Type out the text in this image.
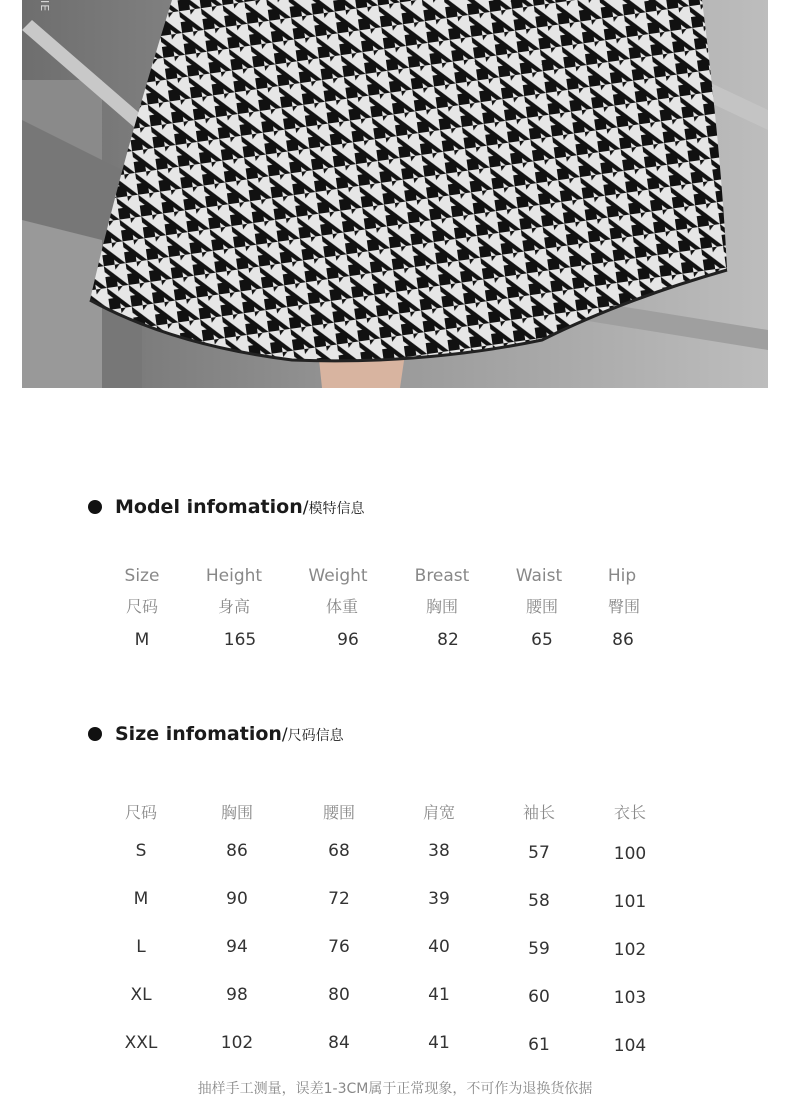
IE
Model infomation / 模特信息
Size	Height	Weight	Breast	Waist	Hip
尺码	身高	体重	胸围	腰围	臀围
M	165	96	82	65	86
Size infomation / 尺码信息
尺码	胸围	腰围	肩宽	袖长	衣长
S	86	68	38	57	100
M	90	72	39	58	101
L	94	76	40	59	102
XL	98	80	41	60	103
XXL	102	84	41	61	104
抽样手工测量，误差1-3CM属于正常现象，不可作为退换货依据
